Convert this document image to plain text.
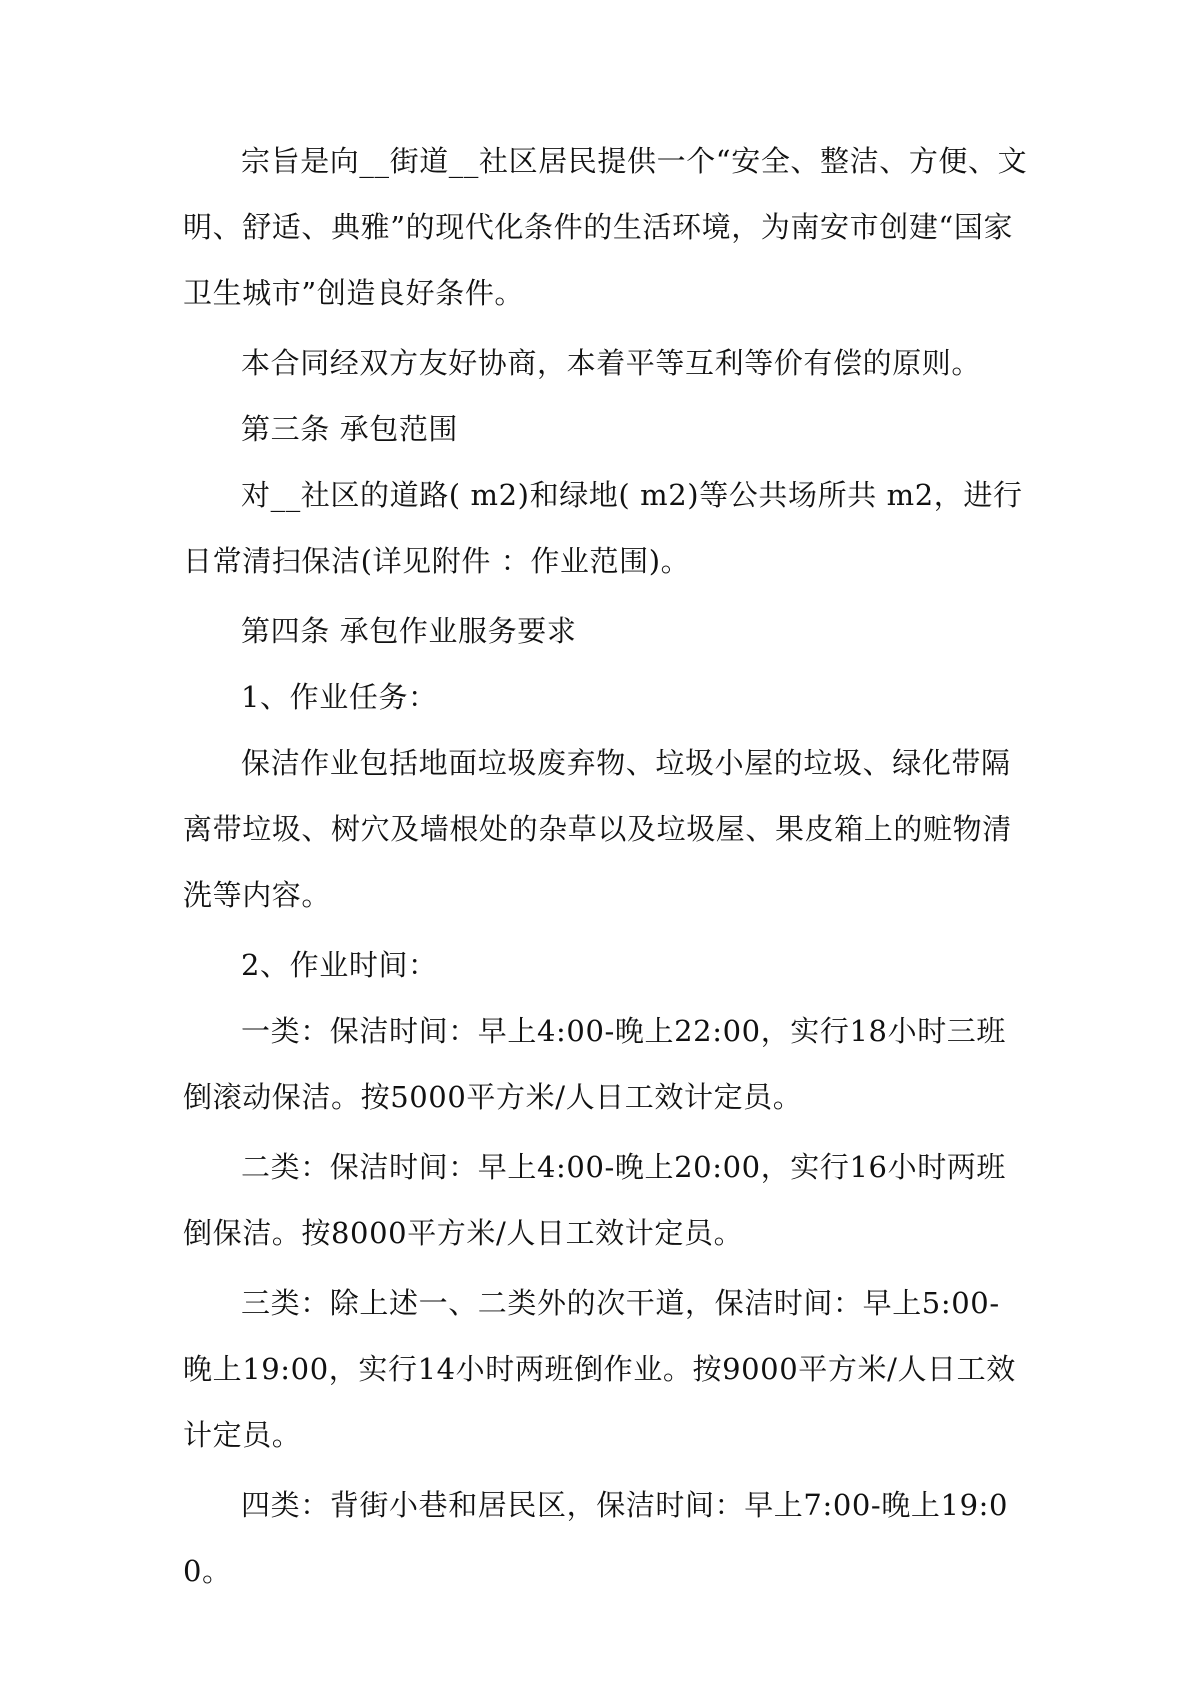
宗旨是向__街道__社区居民提供一个“安全、整洁、方便、文明、舒适、典雅”的现代化条件的生活环境，为南安市创建“国家卫生城市”创造良好条件。

本合同经双方友好协商，本着平等互利等价有偿的原则。

第三条 承包范围

对__社区的道路( m2)和绿地( m2)等公共场所共 m2，进行日常清扫保洁(详见附件 ：作业范围)。

第四条 承包作业服务要求

1、作业任务：

保洁作业包括地面垃圾废弃物、垃圾小屋的垃圾、绿化带隔离带垃圾、树穴及墙根处的杂草以及垃圾屋、果皮箱上的赃物清洗等内容。

2、作业时间：

一类：保洁时间：早上4:00-晚上22:00，实行18小时三班倒滚动保洁。按5000平方米/人日工效计定员。

二类：保洁时间：早上4:00-晚上20:00，实行16小时两班倒保洁。按8000平方米/人日工效计定员。

三类：除上述一、二类外的次干道，保洁时间：早上5:00-晚上19:00，实行14小时两班倒作业。按9000平方米/人日工效计定员。

四类：背街小巷和居民区，保洁时间：早上7:00-晚上19:00。
